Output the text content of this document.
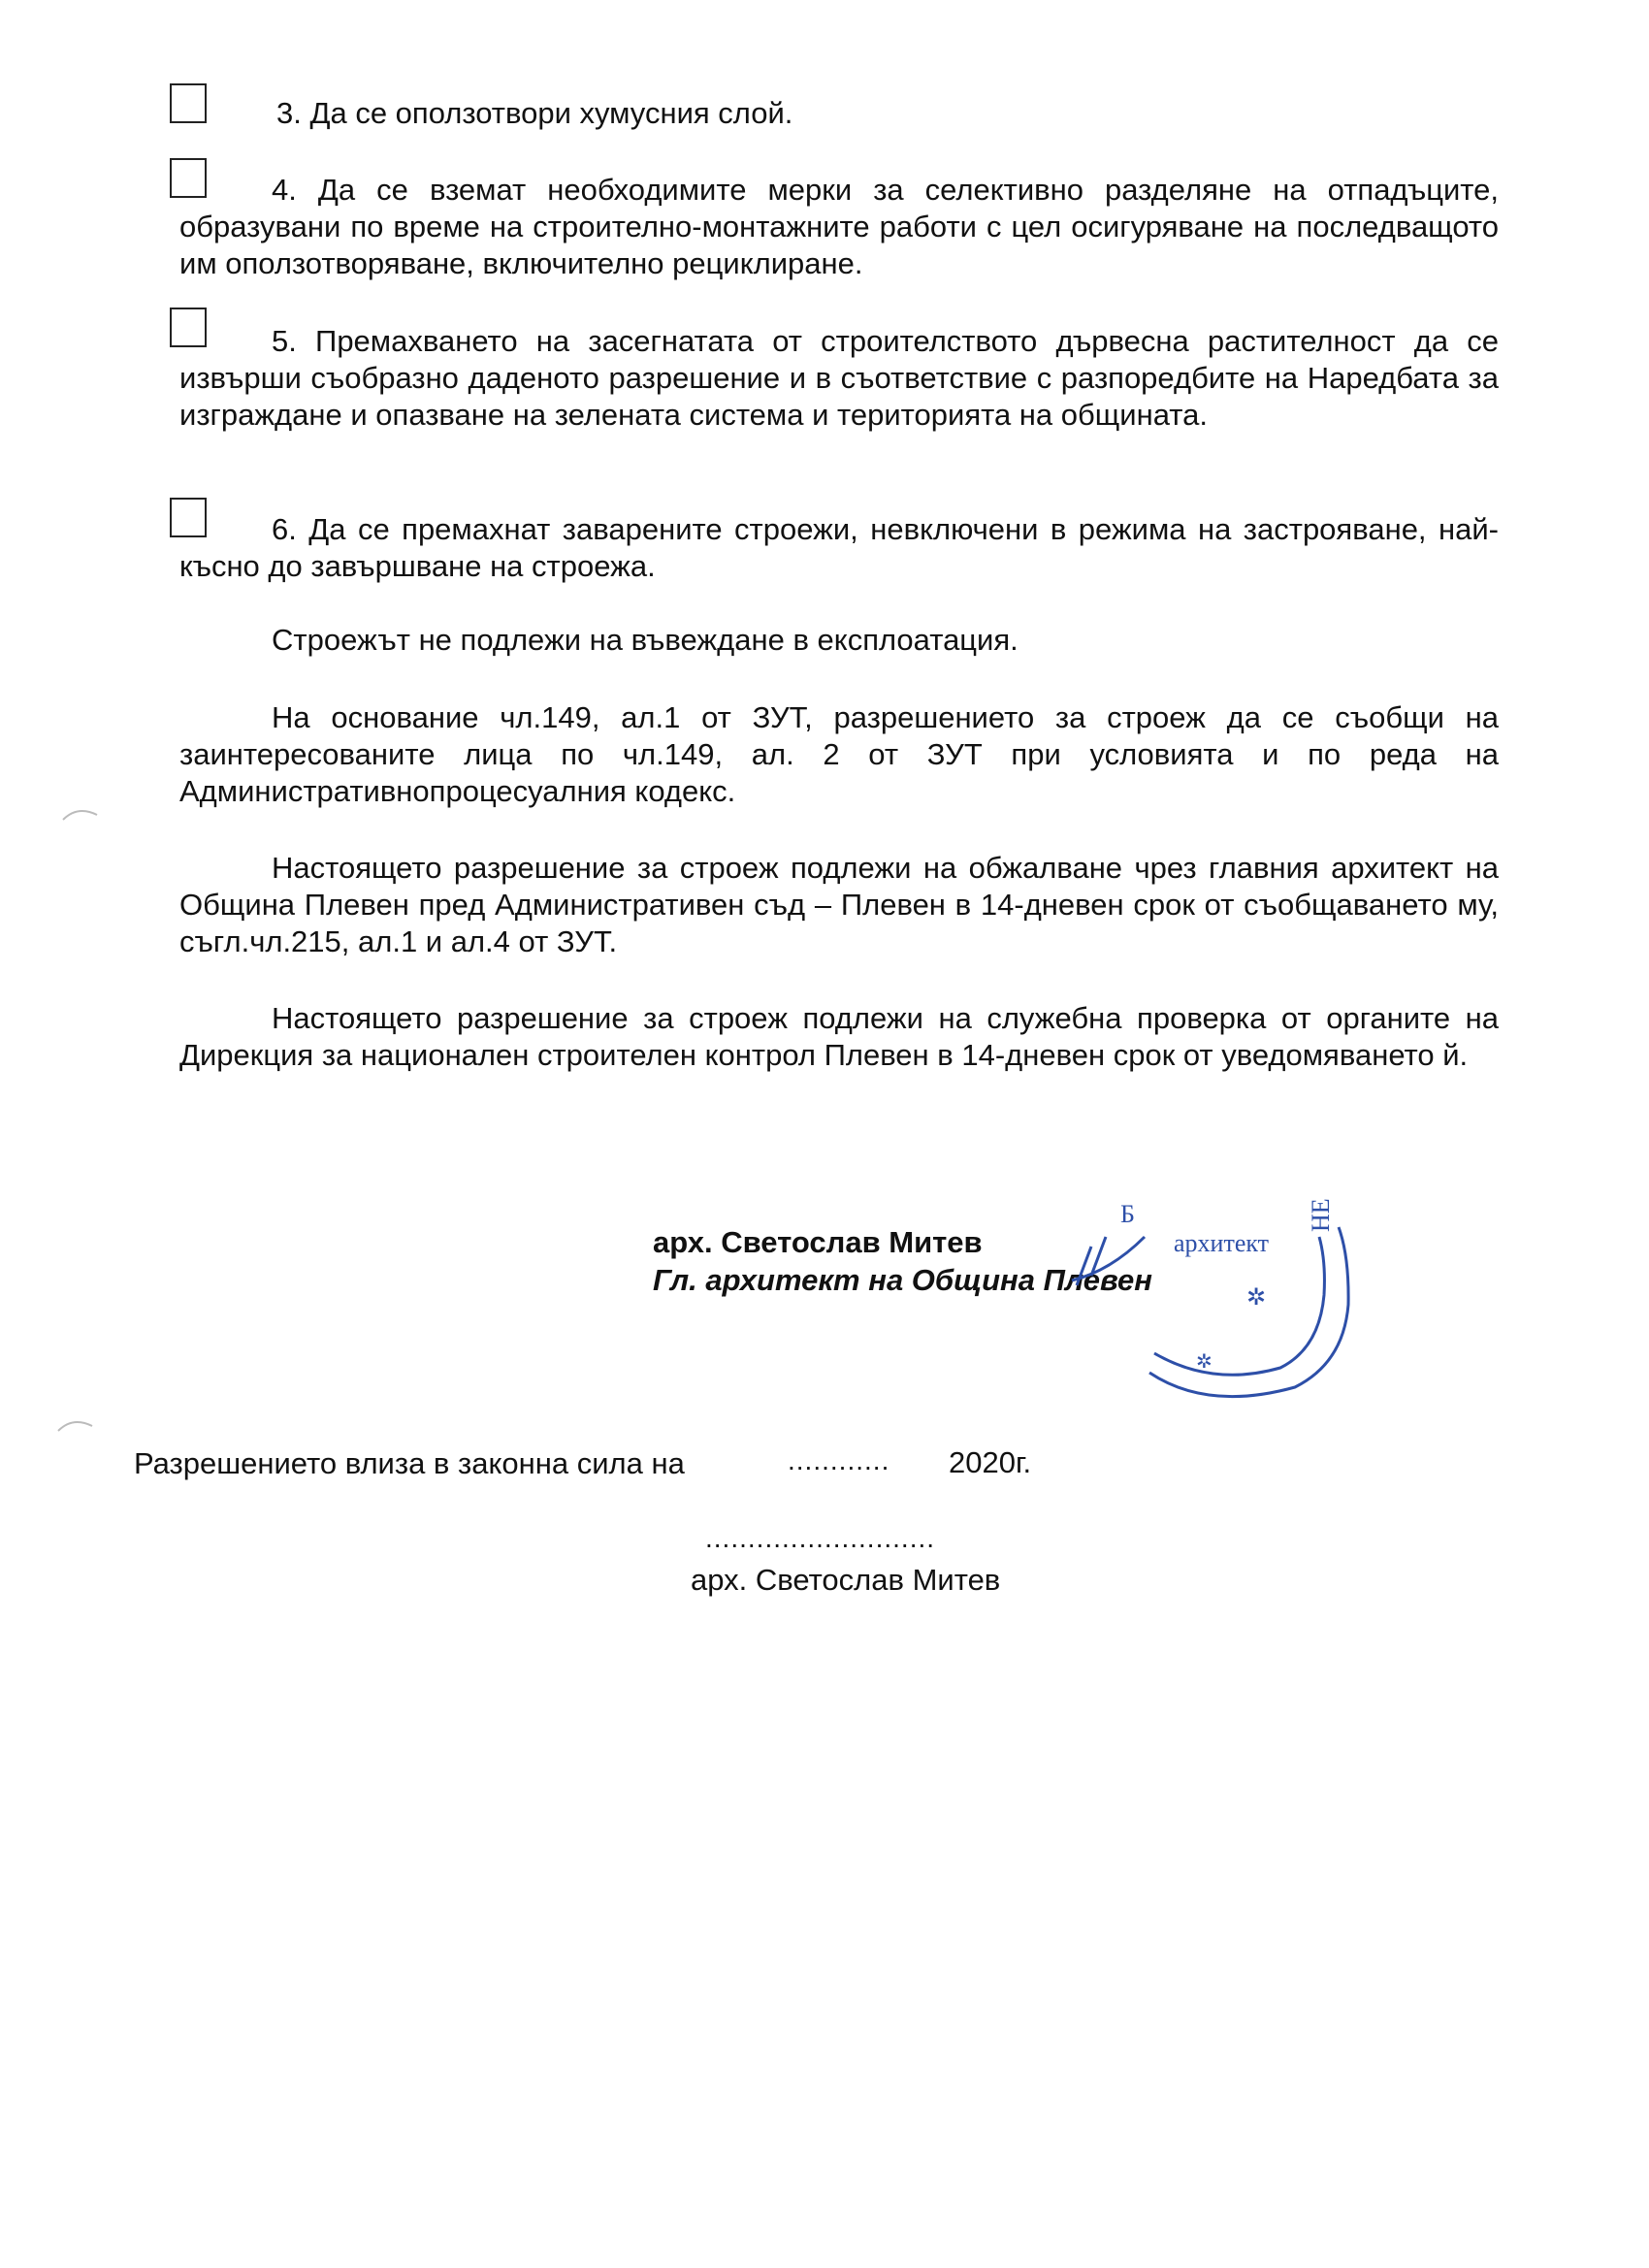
3. Да се оползотвори хумусния слой.
4. Да се вземат необходимите мерки за селективно разделяне на отпадъците, образувани по време на строително-монтажните работи с цел осигуряване на последващото им оползотворяване, включително рециклиране.
5. Премахването на засегнатата от строителството дървесна растителност да се извърши съобразно даденото разрешение и в съответствие с разпоредбите на Наредбата за изграждане и опазване на зелената система и територията на общината.
6. Да се премахнат заварените строежи, невключени в режима на застрояване, най-късно до завършване на строежа.
Строежът не подлежи на въвеждане в експлоатация.
На основание чл.149, ал.1 от ЗУТ, разрешението за строеж да се съобщи на заинтересованите лица по чл.149, ал. 2 от ЗУТ при условията и по реда на Административнопроцесуалния кодекс.
Настоящето разрешение за строеж подлежи на обжалване чрез главния архитект на Община Плевен пред Административен съд – Плевен в 14-дневен срок от съобщаването му, съгл.чл.215, ал.1 и ал.4 от ЗУТ.
Настоящето разрешение за строеж подлежи на служебна проверка от органите на Дирекция за национален строителен контрол Плевен в 14-дневен срок от уведомяването й.
арх. Светослав Митев
Гл. архитект на Община Плевен
архитект
Б	НЕ
✲
✲
Разрешението влиза в законна сила на	............ 2020г.
...........................
арх. Светослав Митев
